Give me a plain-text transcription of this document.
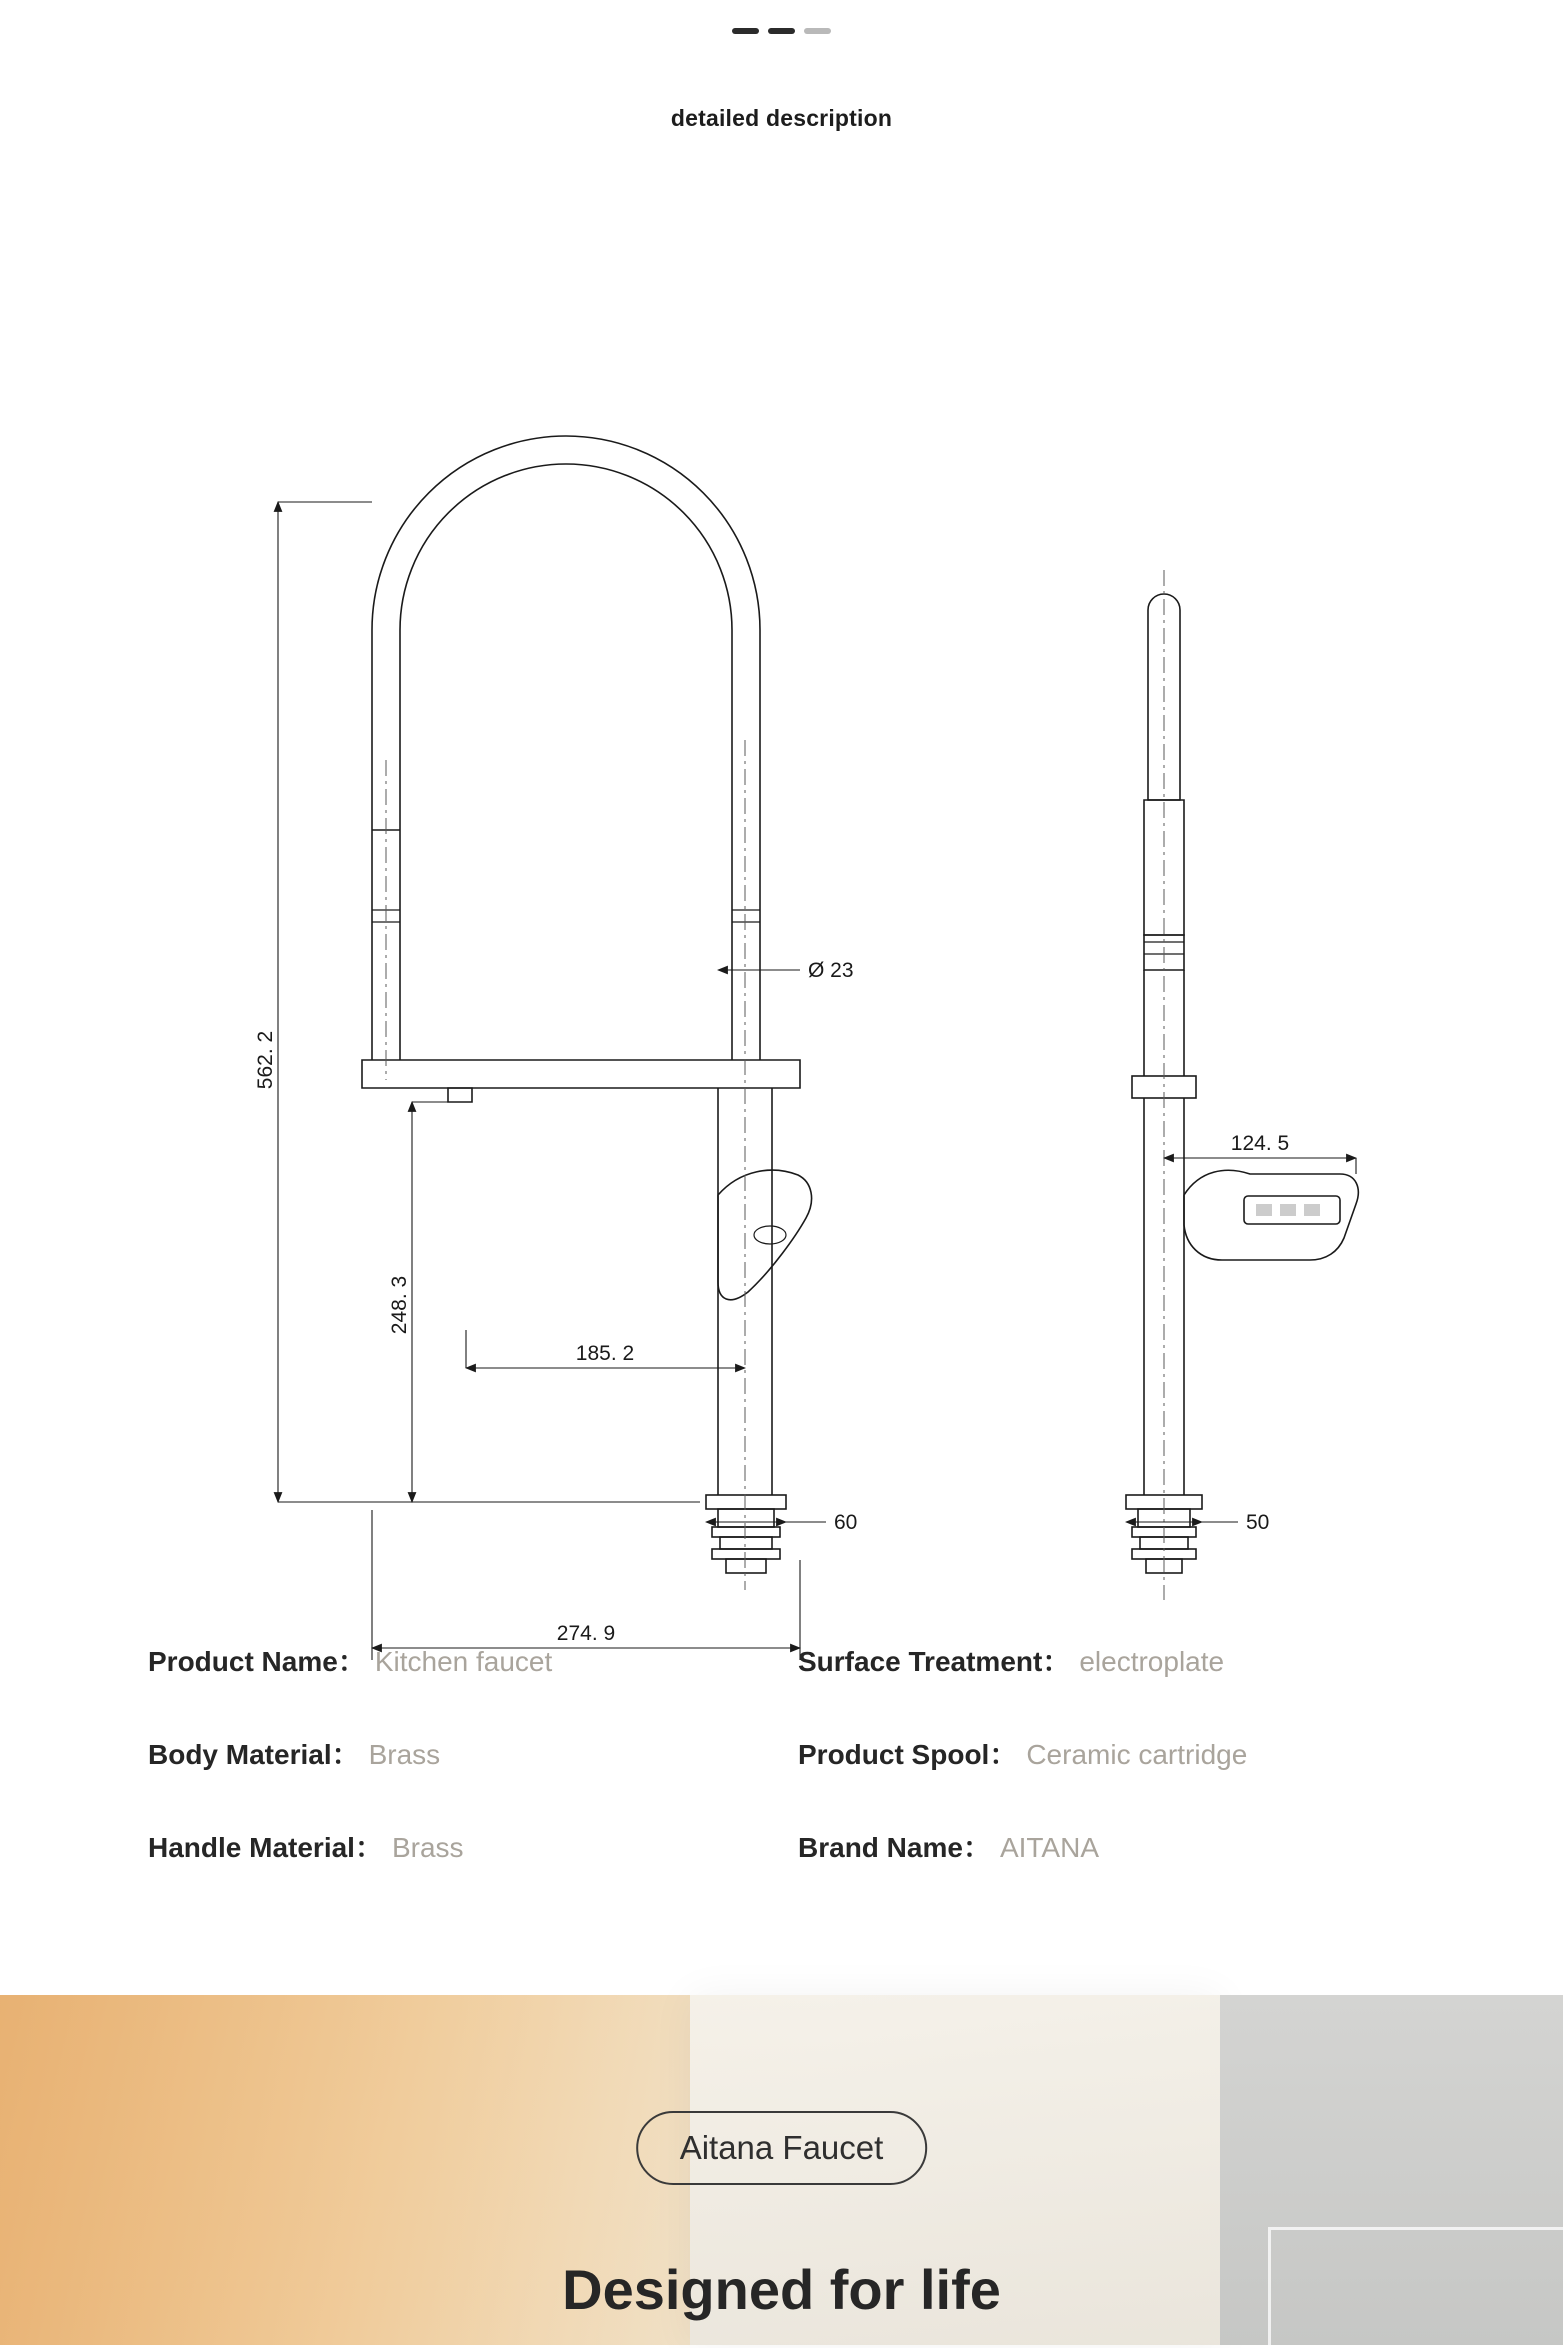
detailed description
562. 2
Ø 23
248. 3
185. 2
60
274. 9
124. 5
50
Product Name： Kitchen faucet	Surface Treatment： electroplate
Body Material： Brass	Product Spool： Ceramic cartridge
Handle Material： Brass	Brand Name： AITANA
Aitana Faucet
Designed for life
